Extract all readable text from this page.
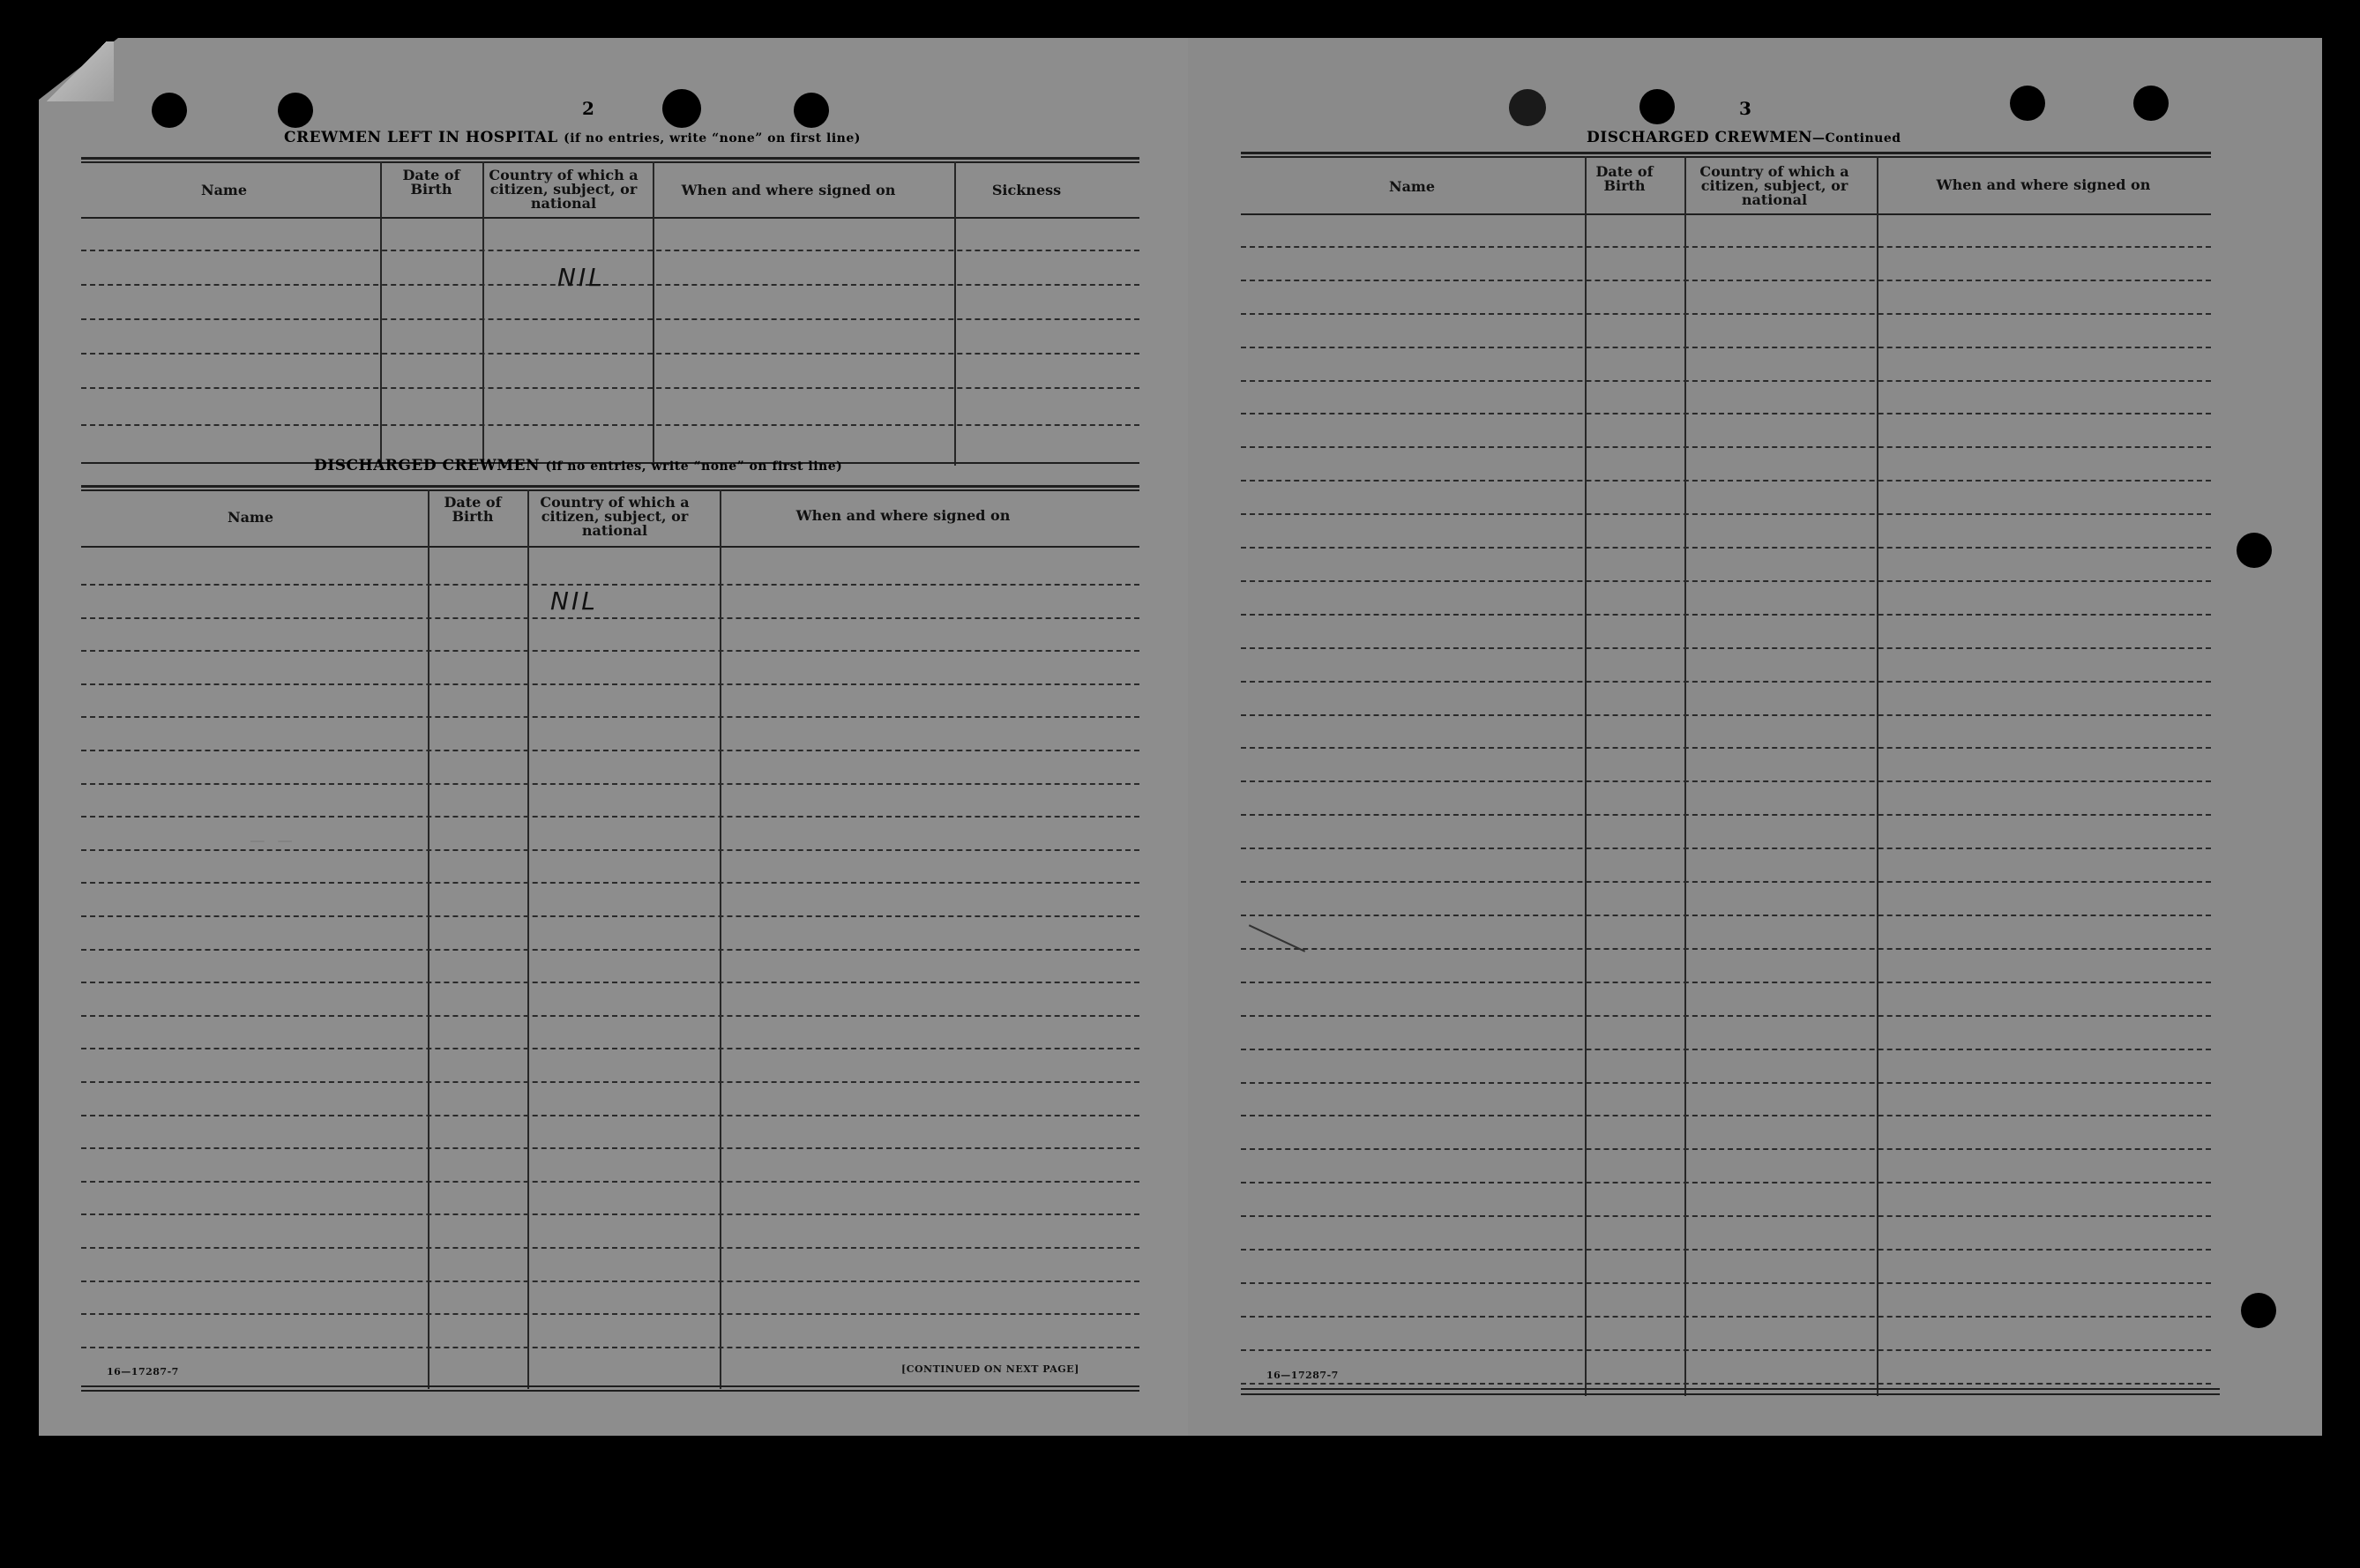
2
CREWMEN LEFT IN HOSPITAL (if no entries, write “none” on first line)
Name
Date of Birth
Country of which a citizen, subject, or national
When and where signed on	Sickness
NIL
DISCHARGED CREWMEN (if no entries, write “none” on first line)
Name
Date of Birth
Country of which a citizen, subject, or national
When and where signed on
NIL
— —
16—17287-7	[CONTINUED ON NEXT PAGE]
3
DISCHARGED CREWMEN—Continued
Name
Date of Birth
Country of which a citizen, subject, or national
When and where signed on
16—17287-7
